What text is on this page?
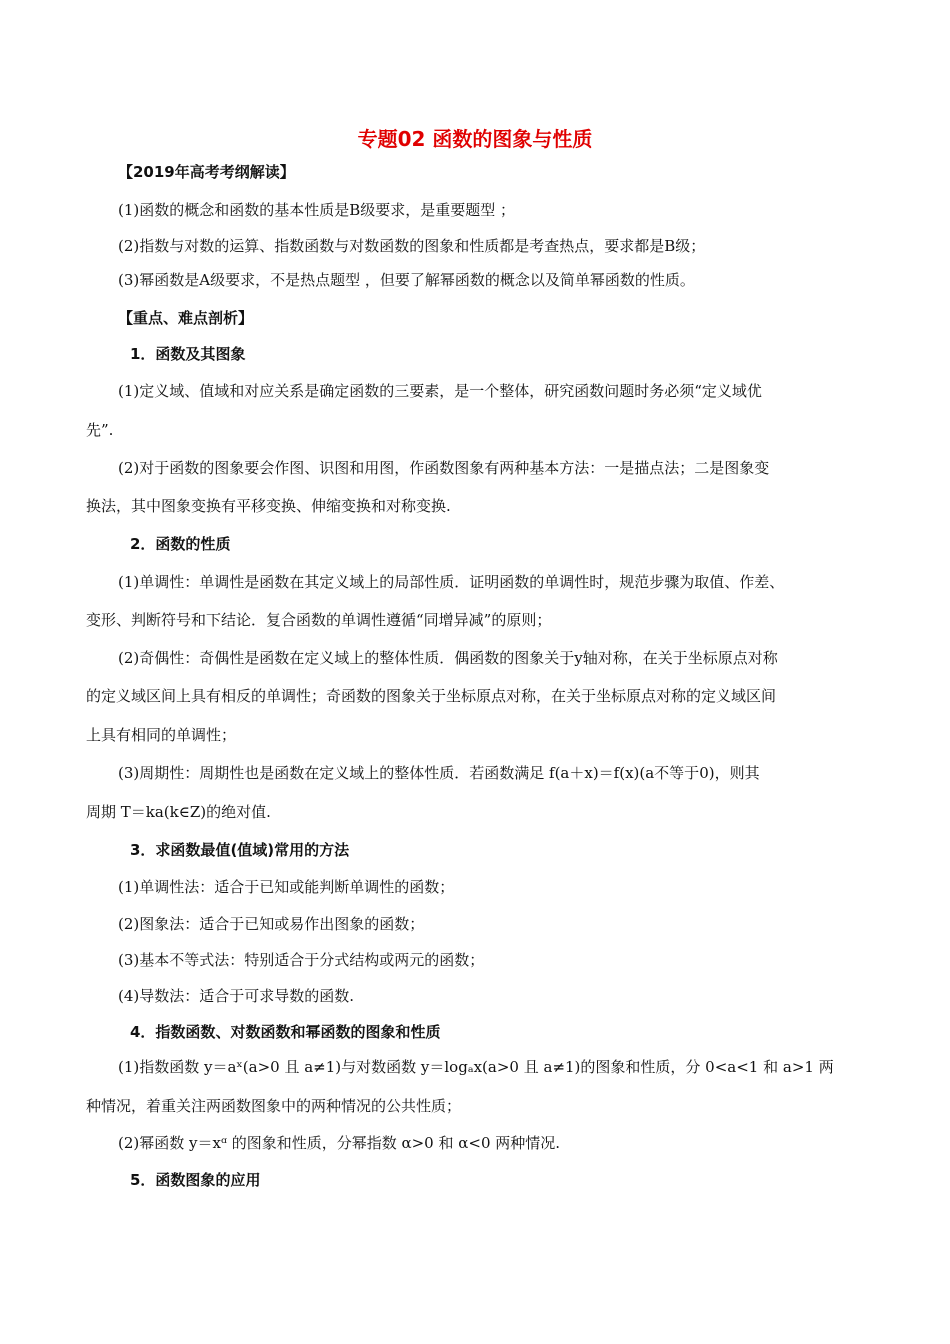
专题02 函数的图象与性质
【2019年高考考纲解读】
(1)函数的概念和函数的基本性质是B级要求，是重要题型 ；
(2)指数与对数的运算、指数函数与对数函数的图象和性质都是考查热点，要求都是B级；
(3)幂函数是A级要求，不是热点题型 ，但要了解幂函数的概念以及简单幂函数的性质。
【重点、难点剖析】
1．函数及其图象
(1)定义域、值域和对应关系是确定函数的三要素，是一个整体，研究函数问题时务必须“定义域优
先”.
(2)对于函数的图象要会作图、识图和用图，作函数图象有两种基本方法：一是描点法；二是图象变
换法，其中图象变换有平移变换、伸缩变换和对称变换.
2．函数的性质
(1)单调性：单调性是函数在其定义域上的局部性质．证明函数的单调性时，规范步骤为取值、作差、
变形、判断符号和下结论．复合函数的单调性遵循“同增异减”的原则；
(2)奇偶性：奇偶性是函数在定义域上的整体性质．偶函数的图象关于y轴对称，在关于坐标原点对称
的定义域区间上具有相反的单调性；奇函数的图象关于坐标原点对称，在关于坐标原点对称的定义域区间
上具有相同的单调性；
(3)周期性：周期性也是函数在定义域上的整体性质．若函数满足 f(a＋x)＝f(x)(a不等于0)，则其
周期 T＝ka(k∈Z)的绝对值.
3．求函数最值(值域)常用的方法
(1)单调性法：适合于已知或能判断单调性的函数；
(2)图象法：适合于已知或易作出图象的函数；
(3)基本不等式法：特别适合于分式结构或两元的函数；
(4)导数法：适合于可求导数的函数.
4．指数函数、对数函数和幂函数的图象和性质
(1)指数函数 y＝aˣ(a>0 且 a≠1)与对数函数 y＝logₐx(a>0 且 a≠1)的图象和性质，分 0<a<1 和 a>1 两
种情况，着重关注两函数图象中的两种情况的公共性质；
(2)幂函数 y＝xᵅ 的图象和性质，分幂指数 α>0 和 α<0 两种情况.
5．函数图象的应用
